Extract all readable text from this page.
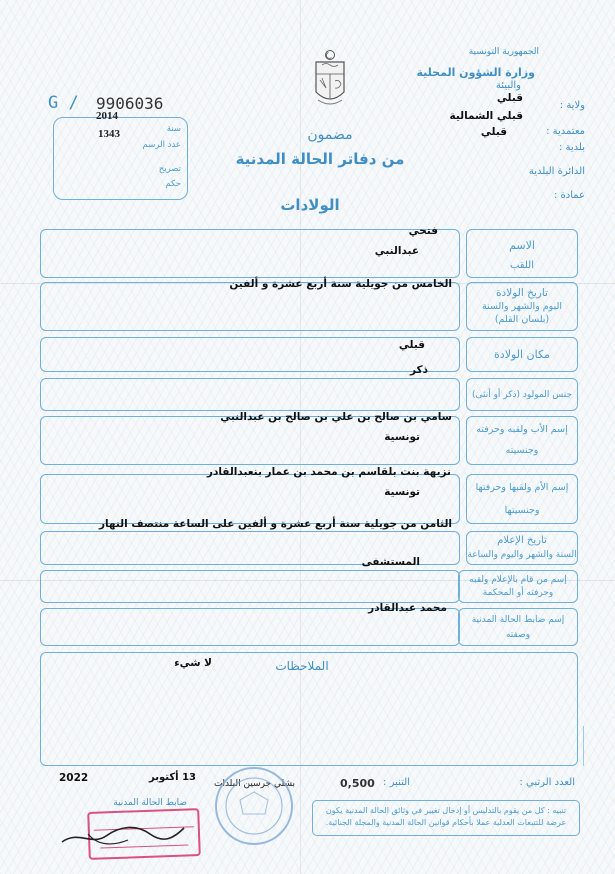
الجمهورية التونسية
وزارة الشؤون المحلية
والبيئة
ولاية :
قبلي
معتمدية :
قبلي الشمالية
بلدية :
قبلي
الدائرة البلدية
عمادة :
G / 9906036
2014
سنة
1343
عدد الرسم
تصريح
حكم
مضمون
من دفاتر الحالة المدنية
الولادات
الاسم
اللقب
فتحي
عبدالنبي
تاريخ الولادة
اليوم والشهر والسنة
(بلسان القلم)
الخامس من جويلية سنة أربع عشرة و ألفين
مكان الولادة
قبلي
جنس المولود (ذكر أو أنثى)
ذكر
إسم الأب ولقبه وحرفته
وجنسيته
سامي بن صالح بن علي بن صالح بن عبدالنبي
تونسية
إسم الأم ولقبها وحرفتها
وجنسيتها
نزيهة بنت بلقاسم بن محمد بن عمار بنعبدالقادر
تونسية
تاريخ الإعلام
السنة والشهر واليوم والساعة
الثامن من جويلية سنة أربع عشرة و ألفين على الساعة منتصف النهار
إسم من قام بالإعلام ولقبه
وحرفته أو المحكمة
المستشفى
إسم ضابط الحالة المدنية
وصفته
محمد عبدالقادر
الملاحظات
لا شيء
العدد الرتبي :
التنبر :
0,500
بشلي جرسين البلدات
13 أكتوبر
2022
ضابط الحالة المدنية
تنبيه : كل من يقوم بالتدليس أو إدخال تغيير في وثائق الحالة المدنية يكون عرضة للتتبعات العدلية عملا بأحكام قوانين الحالة المدنية والمجلة الجنائية.
